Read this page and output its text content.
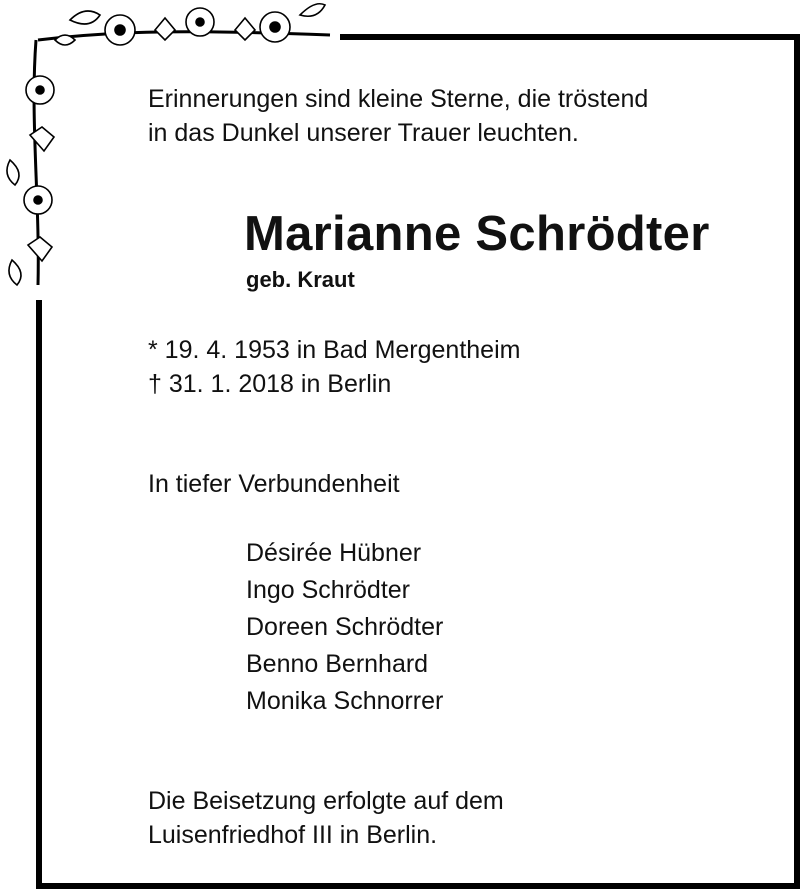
Erinnerungen sind kleine Sterne, die tröstend
in das Dunkel unserer Trauer leuchten.
Marianne Schrödter
geb. Kraut
* 19. 4. 1953 in Bad Mergentheim
† 31. 1. 2018 in Berlin
In tiefer Verbundenheit
Désirée Hübner
Ingo Schrödter
Doreen Schrödter
Benno Bernhard
Monika Schnorrer
Die Beisetzung erfolgte auf dem
Luisenfriedhof III in Berlin.
